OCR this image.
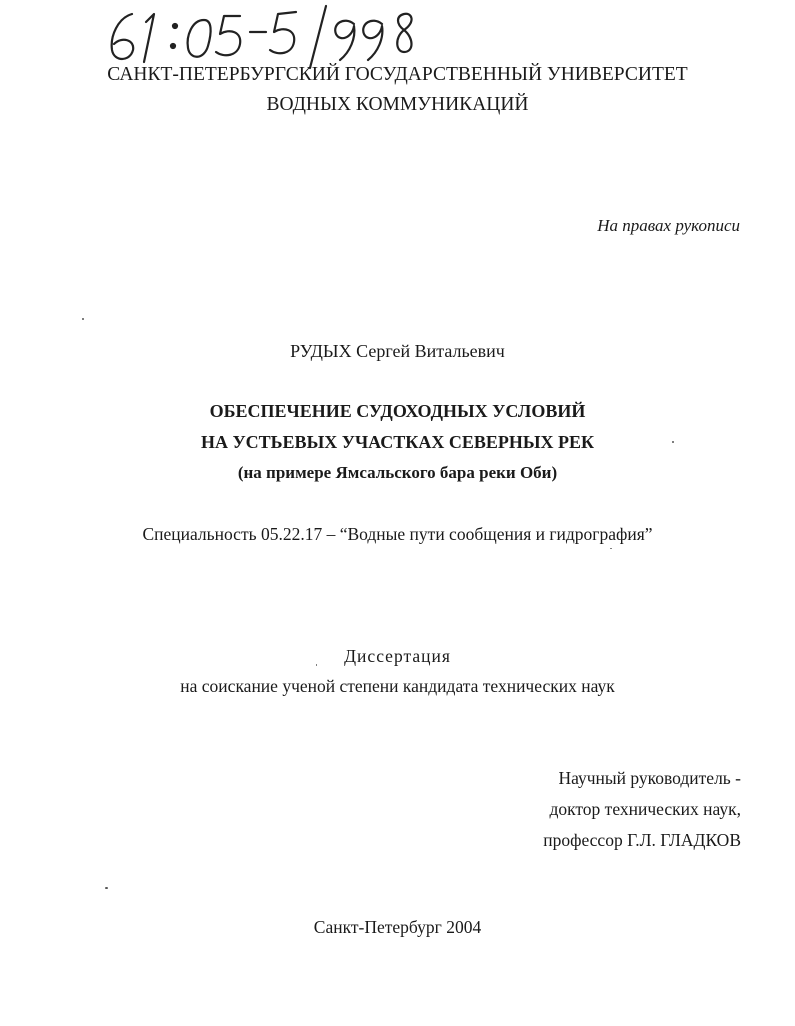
САНКТ-ПЕТЕРБУРГСКИЙ ГОСУДАРСТВЕННЫЙ УНИВЕРСИТЕТ
ВОДНЫХ КОММУНИКАЦИЙ
На правах рукописи
РУДЫХ Сергей Витальевич
ОБЕСПЕЧЕНИЕ СУДОХОДНЫХ УСЛОВИЙ
НА УСТЬЕВЫХ УЧАСТКАХ СЕВЕРНЫХ РЕК
(на примере Ямсальского бара реки Оби)
Специальность 05.22.17 – “Водные пути сообщения и гидрография”
Диссертация
на соискание ученой степени кандидата технических наук
Научный руководитель -
доктор технических наук,
профессор Г.Л. ГЛАДКОВ
Санкт-Петербург 2004
